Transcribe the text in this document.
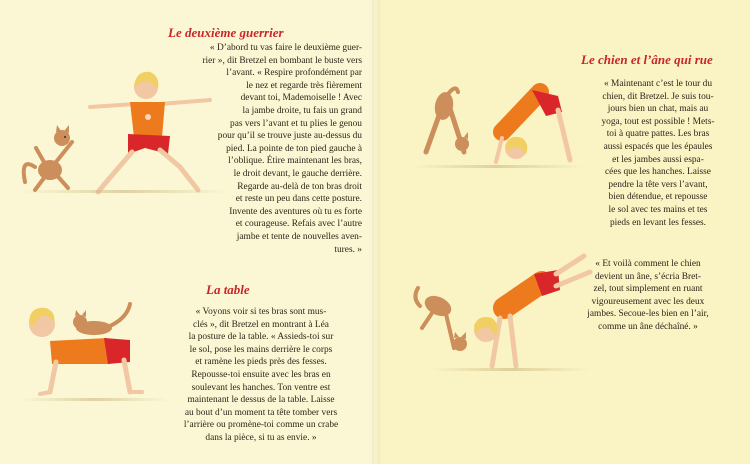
Le deuxième guerrier
« D’abord tu vas faire le deuxième guer-
rier », dit Bretzel en bombant le buste vers
l’avant. « Respire profondément par
le nez et regarde très fièrement
devant toi, Mademoiselle ! Avec
la jambe droite, tu fais un grand
pas vers l’avant et tu plies le genou
pour qu’il se trouve juste au-dessus du
pied. La pointe de ton pied gauche à
l’oblique. Étire maintenant les bras,
le droit devant, le gauche derrière.
Regarde au-delà de ton bras droit
et reste un peu dans cette posture.
Invente des aventures où tu es forte
et courageuse. Refais avec l’autre
jambe et tente de nouvelles aven-
tures. »
La table
« Voyons voir si tes bras sont mus-
clés », dit Bretzel en montrant à Léa
la posture de la table. « Assieds-toi sur
le sol, pose les mains derrière le corps
et ramène les pieds près des fesses.
Repousse-toi ensuite avec les bras en
soulevant les hanches. Ton ventre est
maintenant le dessus de la table. Laisse
au bout d’un moment ta tête tomber vers
l’arrière ou promène-toi comme un crabe
dans la pièce, si tu as envie. »
Le chien et l’âne qui rue
« Maintenant c’est le tour du
chien, dit Bretzel. Je suis tou-
jours bien un chat, mais au
yoga, tout est possible ! Mets-
toi à quatre pattes. Les bras
aussi espacés que les épaules
et les jambes aussi espa-
cées que les hanches. Laisse
pendre la tête vers l’avant,
bien détendue, et repousse
le sol avec tes mains et tes
pieds en levant les fesses.
« Et voilà comment le chien
devient un âne, s’écria Bret-
zel, tout simplement en ruant
vigoureusement avec les deux
jambes. Secoue-les bien en l’air,
comme un âne déchaîné. »
